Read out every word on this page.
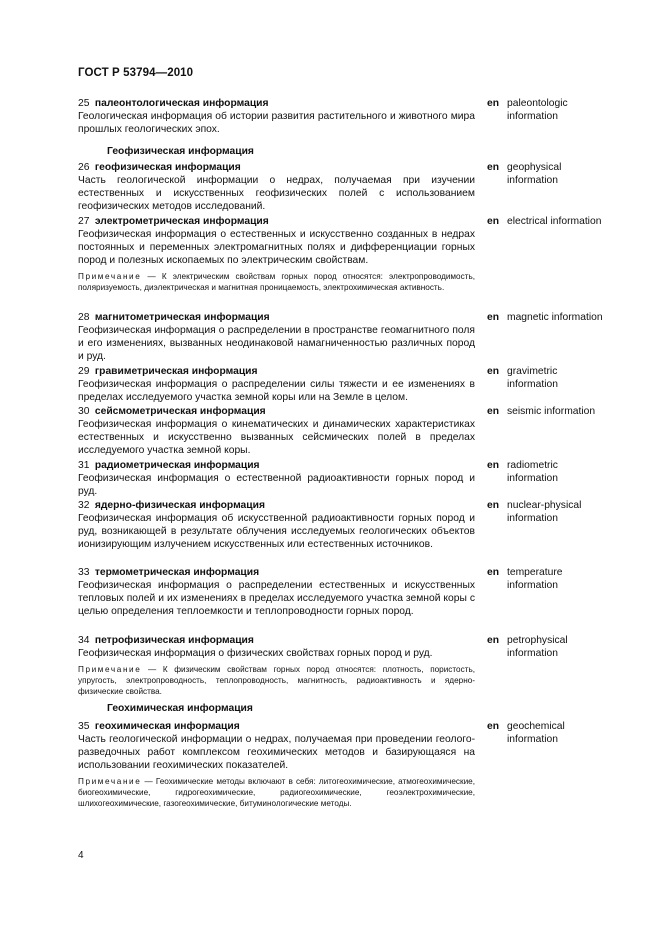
ГОСТ Р 53794—2010
25 палеонтологическая информация
Геологическая информация об истории развития растительного и животного мира прошлых геологических эпох.
en paleontologic
information
Геофизическая информация
26 геофизическая информация
Часть геологической информации о недрах, получаемая при изучении естественных и искусственных геофизических полей с использованием геофизических методов исследований.
en geophysical
information
27 электрометрическая информация
Геофизическая информация о естественных и искусственно созданных в недрах постоянных и переменных электромагнитных полях и дифференциации горных пород и полезных ископаемых по электрическим свойствам.
Примечание — К электрическим свойствам горных пород относятся: электропроводимость, поляризуемость, диэлектрическая и магнитная проницаемость, электрохимическая активность.
en electrical information
28 магнитометрическая информация
Геофизическая информация о распределении в пространстве геомагнитного поля и его изменениях, вызванных неодинаковой намагниченностью различных пород и руд.
en magnetic information
29 гравиметрическая информация
Геофизическая информация о распределении силы тяжести и ее изменениях в пределах исследуемого участка земной коры или на Земле в целом.
en gravimetric
information
30 сейсмометрическая информация
Геофизическая информация о кинематических и динамических характеристиках естественных и искусственно вызванных сейсмических полей в пределах исследуемого участка земной коры.
en seismic information
31 радиометрическая информация
Геофизическая информация о естественной радиоактивности горных пород и руд.
en radiometric
information
32 ядерно-физическая информация
Геофизическая информация об искусственной радиоактивности горных пород и руд, возникающей в результате облучения исследуемых геологических объектов ионизирующим излучением искусственных или естественных источников.
en nuclear-physical
information
33 термометрическая информация
Геофизическая информация о распределении естественных и искусственных тепловых полей и их изменениях в пределах исследуемого участка земной коры с целью определения теплоемкости и теплопроводности горных пород.
en temperature
information
34 петрофизическая информация
Геофизическая информация о физических свойствах горных пород и руд.
Примечание — К физическим свойствам горных пород относятся: плотность, пористость, упругость, электропроводность, теплопроводность, магнитность, радиоактивность и ядерно-физические свойства.
en petrophysical
information
Геохимическая информация
35 геохимическая информация
Часть геологической информации о недрах, получаемая при проведении геолого-разведочных работ комплексом геохимических методов и базирующаяся на использовании геохимических показателей.
Примечание — Геохимические методы включают в себя: литогеохимические, атмогеохимические, биогеохимические, гидрогеохимические, радиогеохимические, геоэлектрохимические, шлихогеохимические, газогеохимические, битуминологические методы.
en geochemical
information
4
